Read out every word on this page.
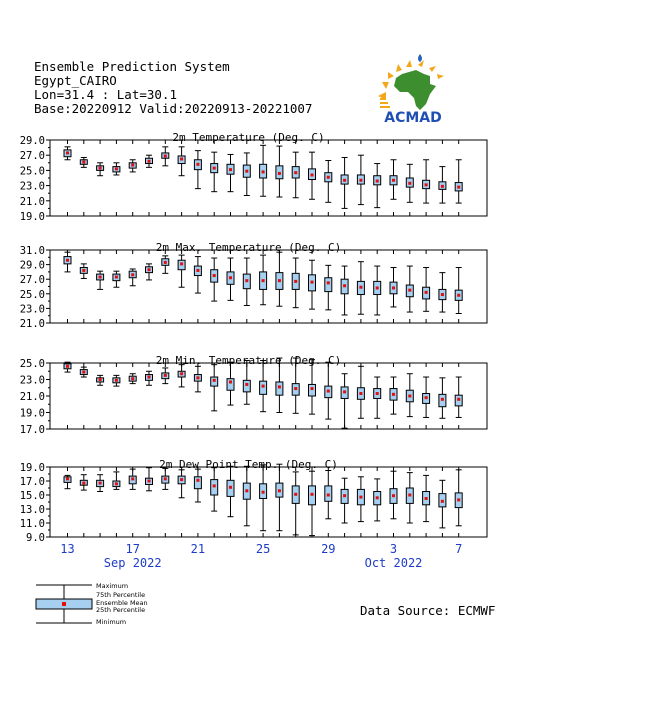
Ensemble Prediction System
Egypt_CAIRO
Lon=31.4 : Lat=30.1
Base:20220912 Valid:20220913-20221007
ACMAD
2m Temperature (Deg. C)
19.0
21.0
23.0
25.0
27.0
29.0
2m Max. Temperature (Deg. C)
21.0
23.0
25.0
27.0
29.0
31.0
2m Min. Temperature (Deg. C)
17.0
19.0
21.0
23.0
25.0
2m Dew Point Temp. (Deg. C)
9.0
11.0
13.0
15.0
17.0
19.0
13	17	21	25	29	3	7
Sep 2022	Oct 2022
Maximum
75th Percentile
Ensemble Mean
25th Percentile
Minimum
Data Source: ECMWF
